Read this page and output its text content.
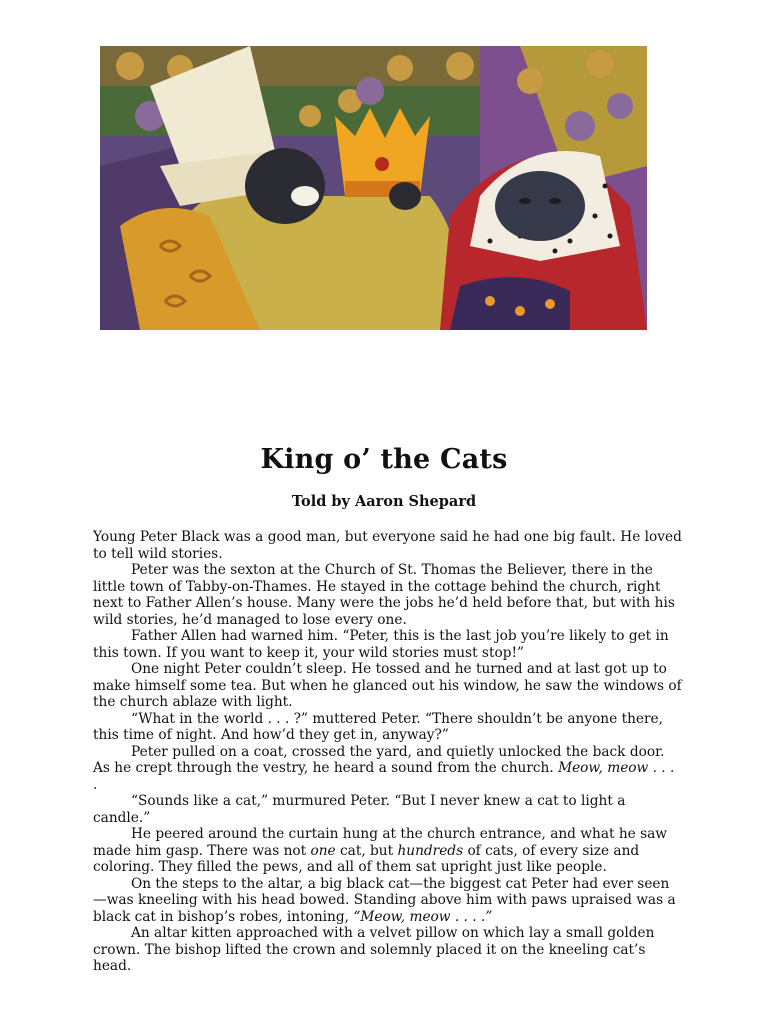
King o’ the Cats
Told by Aaron Shepard

Young Peter Black was a good man, but everyone said he had one big fault. He loved to tell wild stories.

Peter was the sexton at the Church of St. Thomas the Believer, there in the little town of Tabby-on-Thames. He stayed in the cottage behind the church, right next to Father Allen’s house. Many were the jobs he’d held before that, but with his wild stories, he’d managed to lose every one.

Father Allen had warned him. “Peter, this is the last job you’re likely to get in this town. If you want to keep it, your wild stories must stop!”

One night Peter couldn’t sleep. He tossed and he turned and at last got up to make himself some tea. But when he glanced out his window, he saw the windows of the church ablaze with light.

“What in the world . . . ?” muttered Peter. “There shouldn’t be anyone there, this time of night. And how’d they get in, anyway?”

Peter pulled on a coat, crossed the yard, and quietly unlocked the back door. As he crept through the vestry, he heard a sound from the church. Meow, meow . . . .

“Sounds like a cat,” murmured Peter. “But I never knew a cat to light a candle.”

He peered around the curtain hung at the church entrance, and what he saw made him gasp. There was not one cat, but hundreds of cats, of every size and coloring. They filled the pews, and all of them sat upright just like people.

On the steps to the altar, a big black cat—the biggest cat Peter had ever seen—was kneeling with his head bowed. Standing above him with paws upraised was a black cat in bishop’s robes, intoning, “Meow, meow . . . .”

An altar kitten approached with a velvet pillow on which lay a small golden crown. The bishop lifted the crown and solemnly placed it on the kneeling cat’s head.
